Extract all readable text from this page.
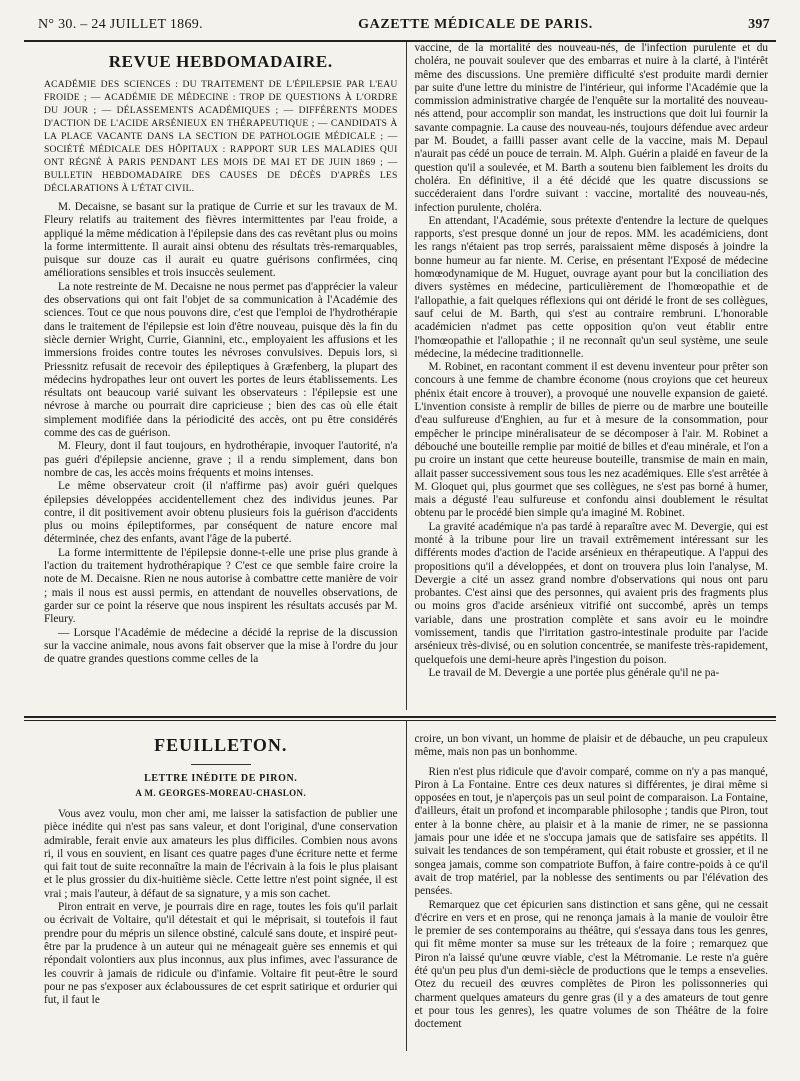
N° 30. – 24 JUILLET 1869.	GAZETTE MÉDICALE DE PARIS.	397
REVUE HEBDOMADAIRE.

ACADÉMIE DES SCIENCES : DU TRAITEMENT DE L'ÉPILEPSIE PAR L'EAU FROIDE ; — ACADÉMIE DE MÉDECINE : TROP DE QUESTIONS À L'ORDRE DU JOUR ; — DÉLASSEMENTS ACADÉMIQUES ; — DIFFÉRENTS MODES D'ACTION DE L'ACIDE ARSÉNIEUX EN THÉRAPEUTIQUE ; — CANDIDATS À LA PLACE VACANTE DANS LA SECTION DE PATHOLOGIE MÉDICALE ; — SOCIÉTÉ MÉDICALE DES HÔPITAUX : RAPPORT SUR LES MALADIES QUI ONT RÉGNÉ À PARIS PENDANT LES MOIS DE MAI ET DE JUIN 1869 ; — BULLETIN HEBDOMADAIRE DES CAUSES DE DÉCÈS D'APRÈS LES DÉCLARATIONS À L'ÉTAT CIVIL.

M. Decaisne, se basant sur la pratique de Currie et sur les travaux de M. Fleury relatifs au traitement des fièvres intermittentes par l'eau froide, a appliqué la même médication à l'épilepsie dans des cas revêtant plus ou moins la forme intermittente. Il aurait ainsi obtenu des résultats très-remarquables, puisque sur douze cas il aurait eu quatre guérisons confirmées, cinq améliorations sensibles et trois insuccès seulement.

La note restreinte de M. Decaisne ne nous permet pas d'apprécier la valeur des observations qui ont fait l'objet de sa communication à l'Académie des sciences. Tout ce que nous pouvons dire, c'est que l'emploi de l'hydrothérapie dans le traitement de l'épilepsie est loin d'être nouveau, puisque dès la fin du siècle dernier Wright, Currie, Giannini, etc., employaient les affusions et les immersions froides contre toutes les névroses convulsives. Depuis lors, si Priessnitz refusait de recevoir des épileptiques à Græfenberg, la plupart des médecins hydropathes leur ont ouvert les portes de leurs établissements. Les résultats ont beaucoup varié suivant les observateurs : l'épilepsie est une névrose à marche ou pourrait dire capricieuse ; bien des cas où elle était simplement modifiée dans la périodicité des accès, ont pu être considérés comme des cas de guérison.

M. Fleury, dont il faut toujours, en hydrothérapie, invoquer l'autorité, n'a pas guéri d'épilepsie ancienne, grave ; il a rendu simplement, dans bon nombre de cas, les accès moins fréquents et moins intenses.

Le même observateur croit (il n'affirme pas) avoir guéri quelques épilepsies développées accidentellement chez des individus jeunes. Par contre, il dit positivement avoir obtenu plusieurs fois la guérison d'accidents plus ou moins épileptiformes, par conséquent de nature encore mal déterminée, chez des enfants, avant l'âge de la puberté.

La forme intermittente de l'épilepsie donne-t-elle une prise plus grande à l'action du traitement hydrothérapique ? C'est ce que semble faire croire la note de M. Decaisne. Rien ne nous autorise à combattre cette manière de voir ; mais il nous est aussi permis, en attendant de nouvelles observations, de garder sur ce point la réserve que nous inspirent les résultats accusés par M. Fleury.

— Lorsque l'Académie de médecine a décidé la reprise de la discussion sur la vaccine animale, nous avons fait observer que la mise à l'ordre du jour de quatre grandes questions comme celles de la

vaccine, de la mortalité des nouveau-nés, de l'infection purulente et du choléra, ne pouvait soulever que des embarras et nuire à la clarté, à l'intérêt même des discussions. Une première difficulté s'est produite mardi dernier par suite d'une lettre du ministre de l'intérieur, qui informe l'Académie que la commission administrative chargée de l'enquête sur la mortalité des nouveau-nés attend, pour accomplir son mandat, les instructions que doit lui fournir la savante compagnie. La cause des nouveau-nés, toujours défendue avec ardeur par M. Boudet, a failli passer avant celle de la vaccine, mais M. Depaul n'aurait pas cédé un pouce de terrain. M. Alph. Guérin a plaidé en faveur de la question qu'il a soulevée, et M. Barth a soutenu bien faiblement les droits du choléra. En définitive, il a été décidé que les quatre discussions se succéderaient dans l'ordre suivant : vaccine, mortalité des nouveau-nés, infection purulente, choléra.

En attendant, l'Académie, sous prétexte d'entendre la lecture de quelques rapports, s'est presque donné un jour de repos. MM. les académiciens, dont les rangs n'étaient pas trop serrés, paraissaient même disposés à joindre la bonne humeur au far niente. M. Cerise, en présentant l'Exposé de médecine homœodynamique de M. Huguet, ouvrage ayant pour but la conciliation des divers systèmes en médecine, particulièrement de l'homœopathie et de l'allopathie, a fait quelques réflexions qui ont déridé le front de ses collègues, sauf celui de M. Barth, qui s'est au contraire rembruni. L'honorable académicien n'admet pas cette opposition qu'on veut établir entre l'homœopathie et l'allopathie ; il ne reconnaît qu'un seul système, une seule médecine, la médecine traditionnelle.

M. Robinet, en racontant comment il est devenu inventeur pour prêter son concours à une femme de chambre économe (nous croyions que cet heureux phénix était encore à trouver), a provoqué une nouvelle expansion de gaieté. L'invention consiste à remplir de billes de pierre ou de marbre une bouteille d'eau sulfureuse d'Enghien, au fur et à mesure de la consommation, pour empêcher le principe minéralisateur de se décomposer à l'air. M. Robinet a débouché une bouteille remplie par moitié de billes et d'eau minérale, et l'on a pu croire un instant que cette heureuse bouteille, transmise de main en main, allait passer successivement sous tous les nez académiques. Elle s'est arrêtée à M. Gloquet qui, plus gourmet que ses collègues, ne s'est pas borné à humer, mais a dégusté l'eau sulfureuse et confondu ainsi doublement le résultat obtenu par le procédé bien simple qu'a imaginé M. Robinet.

La gravité académique n'a pas tardé à reparaître avec M. Devergie, qui est monté à la tribune pour lire un travail extrêmement intéressant sur les différents modes d'action de l'acide arsénieux en thérapeutique. A l'appui des propositions qu'il a développées, et dont on trouvera plus loin l'analyse, M. Devergie a cité un assez grand nombre d'observations qui nous ont paru probantes. C'est ainsi que des personnes, qui avaient pris des fragments plus ou moins gros d'acide arsénieux vitrifié ont succombé, après un temps variable, dans une prostration complète et sans avoir eu le moindre vomissement, tandis que l'irritation gastro-intestinale produite par l'acide arsénieux très-divisé, ou en solution concentrée, se manifeste très-rapidement, quelquefois une demi-heure après l'ingestion du poison.

Le travail de M. Devergie a une portée plus générale qu'il ne pa-

FEUILLETON.
LETTRE INÉDITE DE PIRON.
A M. GEORGES-MOREAU-CHASLON.

Vous avez voulu, mon cher ami, me laisser la satisfaction de publier une pièce inédite qui n'est pas sans valeur, et dont l'original, d'une conservation admirable, ferait envie aux amateurs les plus difficiles. Combien nous avons ri, il vous en souvient, en lisant ces quatre pages d'une écriture nette et ferme qui fait tout de suite reconnaître la main de l'écrivain à la fois le plus plaisant et le plus grossier du dix-huitième siècle. Cette lettre n'est point signée, il est vrai ; mais l'auteur, à défaut de sa signature, y a mis son cachet.

Piron entrait en verve, je pourrais dire en rage, toutes les fois qu'il parlait ou écrivait de Voltaire, qu'il détestait et qui le méprisait, si toutefois il faut prendre pour du mépris un silence obstiné, calculé sans doute, et inspiré peut-être par la prudence à un auteur qui ne ménageait guère ses ennemis et qui répondait volontiers aux plus inconnus, aux plus infimes, avec l'assurance de les couvrir à jamais de ridicule ou d'infamie. Voltaire fit peut-être le sourd pour ne pas s'exposer aux éclaboussures de cet esprit satirique et ordurier qui fut, il faut le

croire, un bon vivant, un homme de plaisir et de débauche, un peu crapuleux même, mais non pas un bonhomme.

Rien n'est plus ridicule que d'avoir comparé, comme on n'y a pas manqué, Piron à La Fontaine. Entre ces deux natures si différentes, je dirai même si opposées en tout, je n'aperçois pas un seul point de comparaison. La Fontaine, d'ailleurs, était un profond et incomparable philosophe ; tandis que Piron, tout enter à la bonne chère, au plaisir et à la manie de rimer, ne se passionna jamais pour une idée et ne s'occupa jamais que de satisfaire ses appétits. Il suivait les tendances de son tempérament, qui était robuste et grossier, et il ne songea jamais, comme son compatriote Buffon, à faire contre-poids à ce qu'il avait de trop matériel, par la noblesse des sentiments ou par l'élévation des pensées.

Remarquez que cet épicurien sans distinction et sans gêne, qui ne cessait d'écrire en vers et en prose, qui ne renonça jamais à la manie de vouloir être le premier de ses contemporains au théâtre, qui s'essaya dans tous les genres, qui fit même monter sa muse sur les tréteaux de la foire ; remarquez que Piron n'a laissé qu'une œuvre viable, c'est la Métromanie. Le reste n'a guère été qu'un peu plus d'un demi-siècle de productions que le temps a ensevelies. Otez du recueil des œuvres complètes de Piron les polissonneries qui charment quelques amateurs du genre gras (il y a des amateurs de tout genre et pour tous les genres), les quatre volumes de son Théâtre de la foire doctement
